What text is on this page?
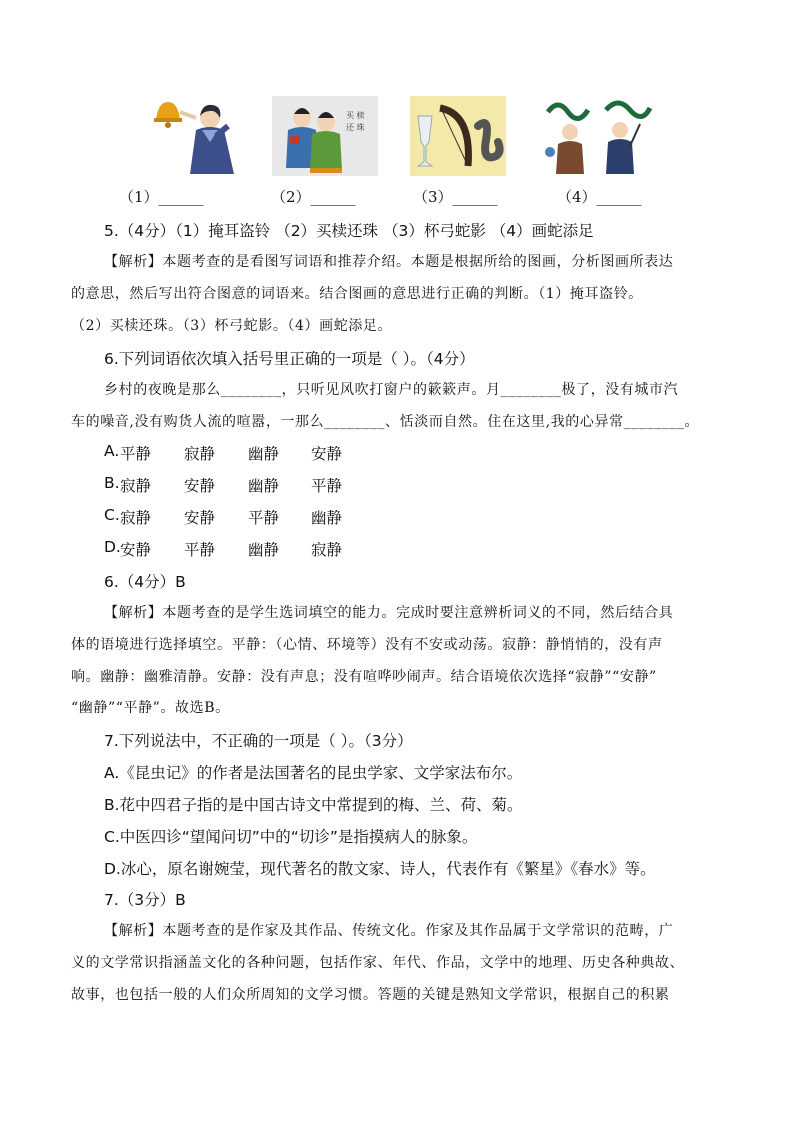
买 椟
还 珠
（1）______	（2）______	（3）______	（4）______
5.（4分）（1）掩耳盗铃 （2）买椟还珠 （3）杯弓蛇影 （4）画蛇添足
【解析】本题考查的是看图写词语和推荐介绍。本题是根据所给的图画，分析图画所表达
的意思，然后写出符合图意的词语来。结合图画的意思进行正确的判断。（1）掩耳盗铃。
（2）买椟还珠。（3）杯弓蛇影。（4）画蛇添足。
6.下列词语依次填入括号里正确的一项是（ ）。（4分）
乡村的夜晚是那么________，只听见风吹打窗户的簌簌声。月________极了，没有城市汽
车的噪音,没有购货人流的喧嚣，一那么________、恬淡而自然。住在这里,我的心异常________。
A. 平静 寂静 幽静 安静
B. 寂静 安静 幽静 平静
C. 寂静 安静 平静 幽静
D. 安静 平静 幽静 寂静
6.（4分）B
【解析】本题考查的是学生选词填空的能力。完成时要注意辨析词义的不同，然后结合具
体的语境进行选择填空。平静：（心情、环境等）没有不安或动荡。寂静：静悄悄的，没有声
响。幽静：幽雅清静。安静：没有声息；没有喧哗吵闹声。结合语境依次选择“寂静”“安静”
“幽静”“平静”。故选B。
7.下列说法中，不正确的一项是（ ）。（3分）
A.《昆虫记》的作者是法国著名的昆虫学家、文学家法布尔。
B.花中四君子指的是中国古诗文中常提到的梅、兰、荷、菊。
C.中医四诊“望闻问切”中的“切诊”是指摸病人的脉象。
D.冰心，原名谢婉莹，现代著名的散文家、诗人，代表作有《繁星》《春水》等。
7.（3分）B
【解析】本题考查的是作家及其作品、传统文化。作家及其作品属于文学常识的范畴，广
义的文学常识指涵盖文化的各种问题，包括作家、年代、作品，文学中的地理、历史各种典故、
故事，也包括一般的人们众所周知的文学习惯。答题的关键是熟知文学常识，根据自己的积累
